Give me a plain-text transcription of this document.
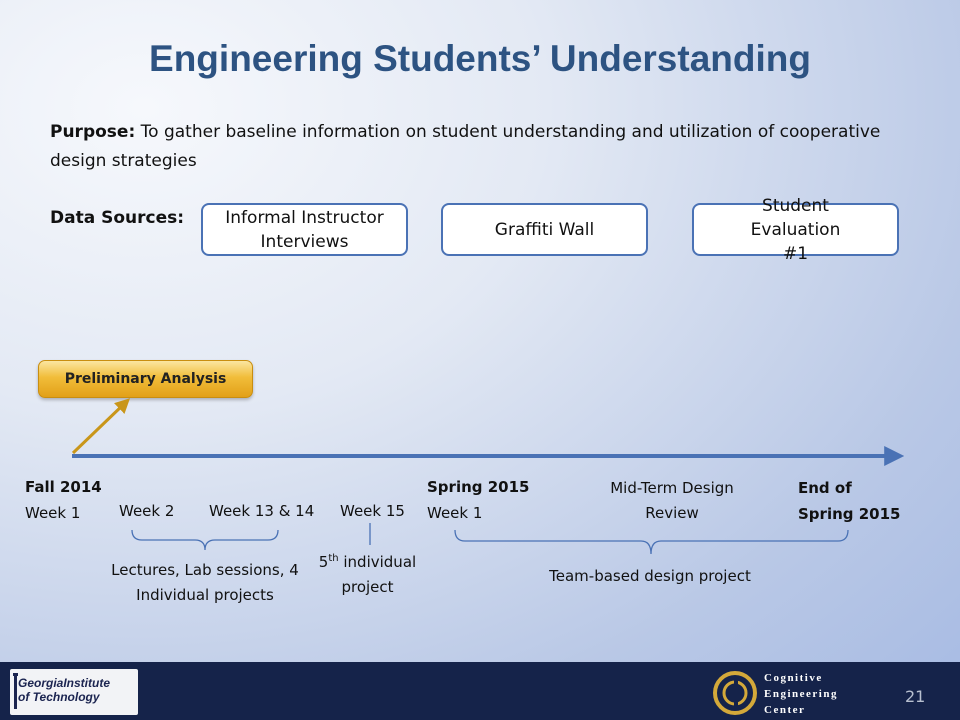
Engineering Students’ Understanding
Purpose: To gather baseline information on student understanding and utilization of cooperative design strategies
Data Sources:	Informal Instructor Interviews
Graffiti Wall
Student Evaluation #1
Preliminary Analysis
Fall 2014
Week 1	Week 2 Week 13 & 14 Week 15
Spring 2015
Week 1
Mid-Term Design Review
End of
Spring 2015
Lectures, Lab sessions, 4 Individual projects
5th individual project
Team-based design project
GeorgiaInstitute
of Technology
Cognitive
Engineering
Center
21
